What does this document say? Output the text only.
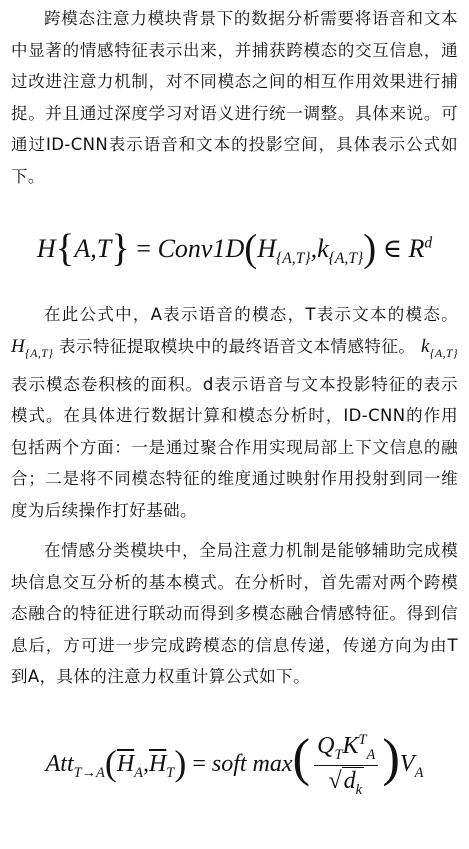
跨模态注意力模块背景下的数据分析需要将语音和文本中显著的情感特征表示出来，并捕获跨模态的交互信息，通过改进注意力机制，对不同模态之间的相互作用效果进行捕捉。并且通过深度学习对语义进行统一调整。具体来说。可通过ID-CNN表示语音和文本的投影空间，具体表示公式如下。

$H\{A,T\} = Conv1D(H_{\{A,T\}},k_{\{A,T\}})$ ∈ $R^d$

在此公式中，A表示语音的模态，T表示文本的模态。 $H_{\{A,T\}}$ 表示特征提取模块中的最终语音文本情感特征。 $k_{\{A,T\}}$ 表示模态卷积核的面积。d表示语音与文本投影特征的表示模式。在具体进行数据计算和模态分析时，ID-CNN的作用包括两个方面：一是通过聚合作用实现局部上下文信息的融合；二是将不同模态特征的维度通过映射作用投射到同一维度为后续操作打好基础。

在情感分类模块中，全局注意力机制是能够辅助完成模块信息交互分析的基本模式。在分析时，首先需对两个跨模态融合的特征进行联动而得到多模态融合情感特征。得到信息后，方可进一步完成跨模态的信息传递，传递方向为由T到A，具体的注意力权重计算公式如下。

$Att_{T\to A}(\overline{H}_A,\overline{H}_T)$ = soft $\max( \frac{Q_TK^T_A}{√d_k} )V_A$
